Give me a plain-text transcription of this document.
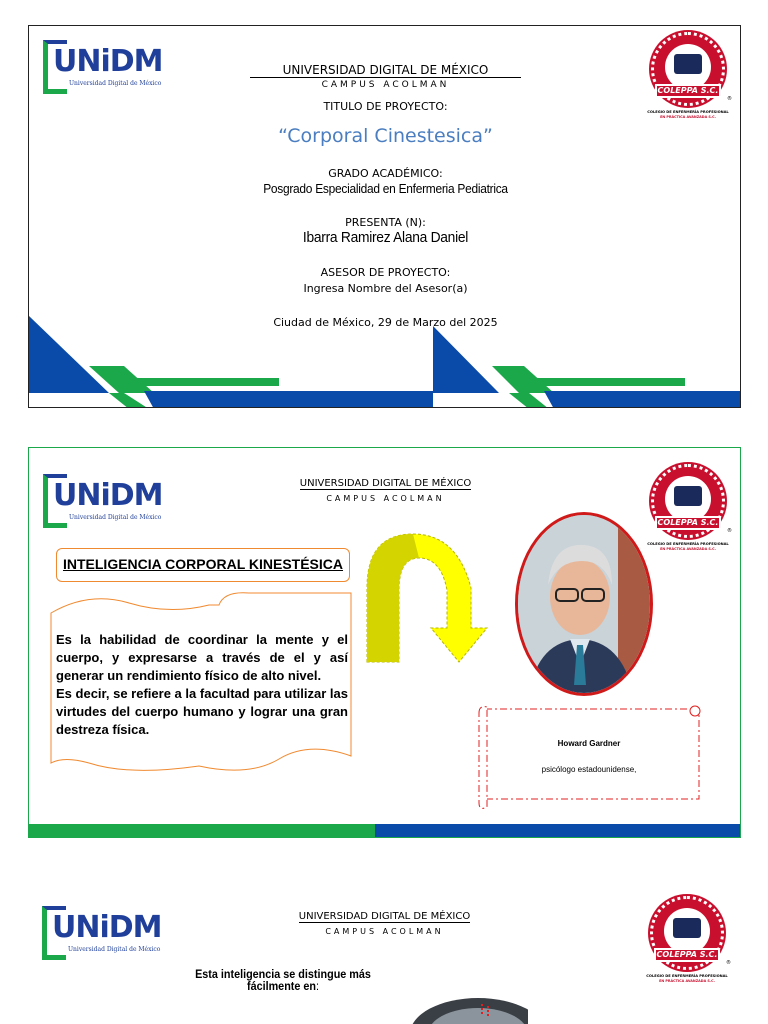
UNiDM
Universidad Digital de México
COLEPPA S.C.
COLEGIO DE ENFERMERÍA PROFESIONAL
EN PRÁCTICA AVANZADA S.C.
®
UNIVERSIDAD DIGITAL DE MÉXICO
CAMPUS ACOLMAN
TITULO DE PROYECTO:
“Corporal Cinestesica”
GRADO ACADÉMICO:
Posgrado Especialidad en Enfermeria Pediatrica
PRESENTA (N):
Ibarra Ramirez Alana Daniel
ASESOR DE PROYECTO:
Ingresa Nombre del Asesor(a)
Ciudad de México, 29 de Marzo del 2025
UNiDM
Universidad Digital de México
COLEPPA S.C.
COLEGIO DE ENFERMERÍA PROFESIONAL
EN PRÁCTICA AVANZADA S.C.
®
UNIVERSIDAD DIGITAL DE MÉXICO
CAMPUS ACOLMAN
INTELIGENCIA CORPORAL KINESTÉSICA

Es la habilidad de coordinar la mente y el cuerpo, y expresarse a través de el y así generar un rendimiento físico de alto nivel.
Es decir, se refiere a la facultad para utilizar las virtudes del cuerpo humano y lograr una gran destreza física.

Howard Gardner
psicólogo estadounidense,
UNiDM
Universidad Digital de México
COLEPPA S.C.
COLEGIO DE ENFERMERÍA PROFESIONAL
EN PRÁCTICA AVANZADA S.C.
®
UNIVERSIDAD DIGITAL DE MÉXICO
CAMPUS ACOLMAN
Esta inteligencia se distingue más
fácilmente en:
